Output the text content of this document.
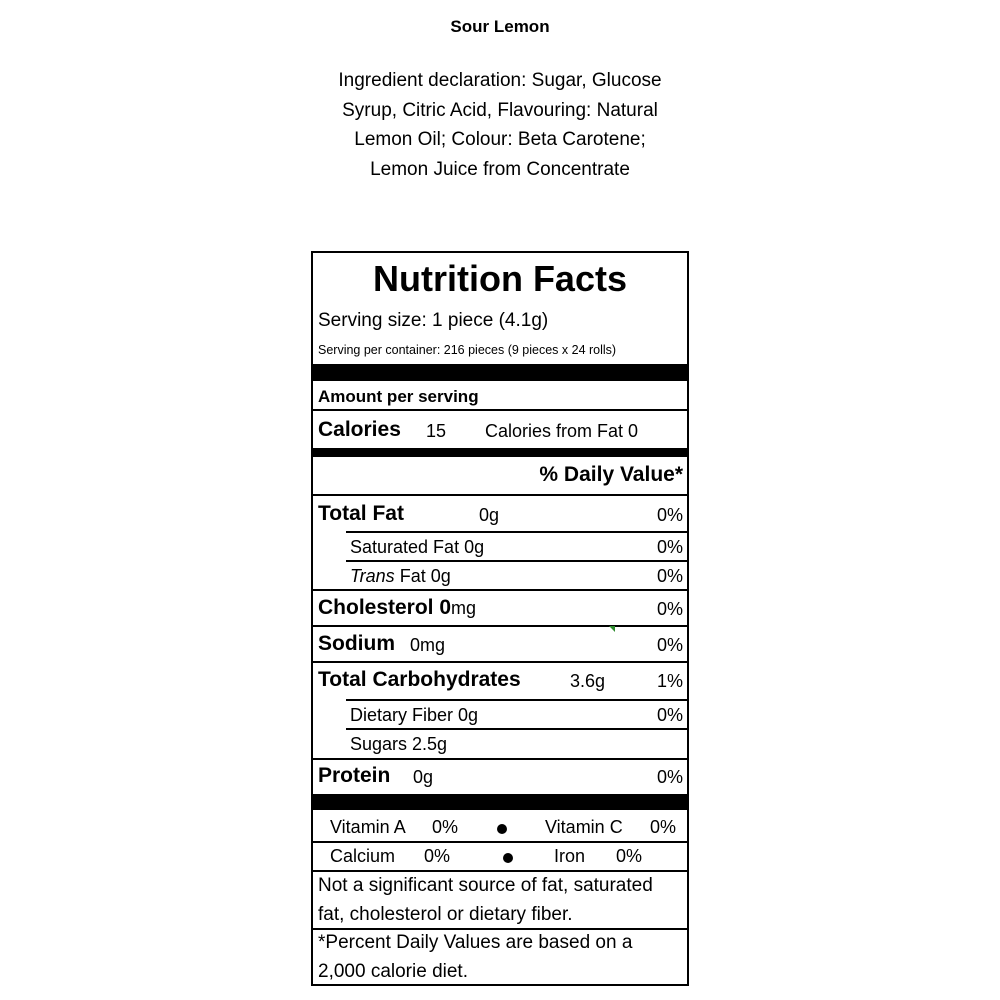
Sour Lemon
Ingredient declaration: Sugar, Glucose
Syrup, Citric Acid, Flavouring: Natural
Lemon Oil; Colour: Beta Carotene;
Lemon Juice from Concentrate
Nutrition Facts
Serving size: 1 piece (4.1g)
Serving per container: 216 pieces (9 pieces x 24 rolls)
Amount per serving
Calories 15 Calories from Fat 0
% Daily Value*
Total Fat	0g	0%
Saturated Fat 0g	0%
Trans Fat 0g	0%
Cholesterol 0mg	0%
Sodium 0mg	0%
Total Carbohydrates	3.6g	1%
Dietary Fiber 0g	0%
Sugars 2.5g
Protein 0g	0%
Vitamin A 0%	Vitamin C 0%
Calcium 0%	Iron 0%
Not a significant source of fat, saturated
fat, cholesterol or dietary fiber.
*Percent Daily Values are based on a
2,000 calorie diet.
